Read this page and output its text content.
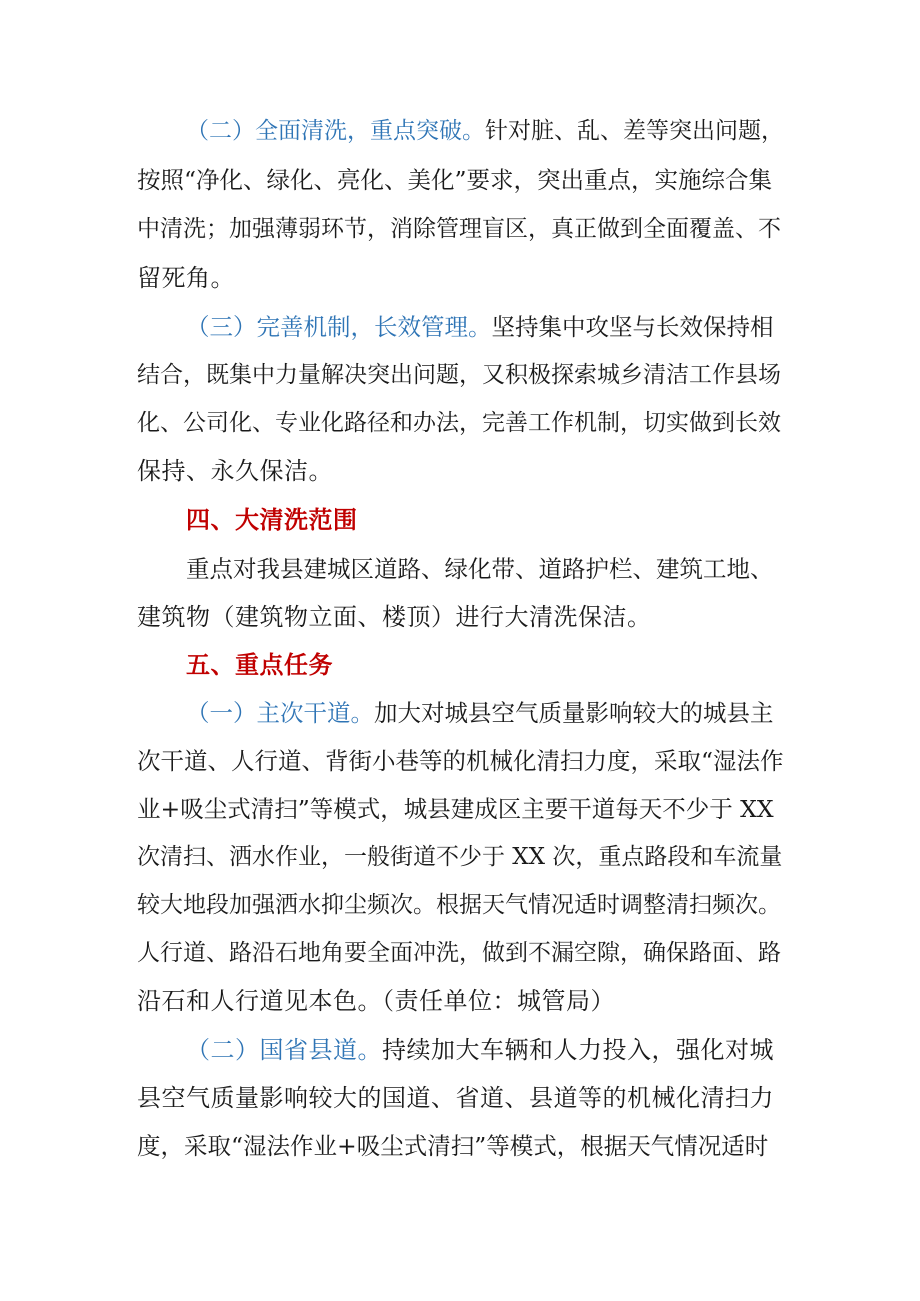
（二）全面清洗，重点突破。针对脏、乱、差等突出问题，
按照“净化、绿化、亮化、美化”要求，突出重点，实施综合集
中清洗；加强薄弱环节，消除管理盲区，真正做到全面覆盖、不
留死角。
（三）完善机制，长效管理。坚持集中攻坚与长效保持相
结合，既集中力量解决突出问题，又积极探索城乡清洁工作县场
化、公司化、专业化路径和办法，完善工作机制，切实做到长效
保持、永久保洁。
四、大清洗范围
重点对我县建城区道路、绿化带、道路护栏、建筑工地、
建筑物（建筑物立面、楼顶）进行大清洗保洁。
五、重点任务
（一）主次干道。加大对城县空气质量影响较大的城县主
次干道、人行道、背街小巷等的机械化清扫力度，采取“湿法作
业+吸尘式清扫”等模式，城县建成区主要干道每天不少于 XX
次清扫、洒水作业，一般街道不少于 XX 次，重点路段和车流量
较大地段加强洒水抑尘频次。根据天气情况适时调整清扫频次。
人行道、路沿石地角要全面冲洗，做到不漏空隙，确保路面、路
沿石和人行道见本色。（责任单位：城管局）
（二）国省县道。持续加大车辆和人力投入，强化对城
县空气质量影响较大的国道、省道、县道等的机械化清扫力
度，采取“湿法作业+吸尘式清扫”等模式，根据天气情况适时
